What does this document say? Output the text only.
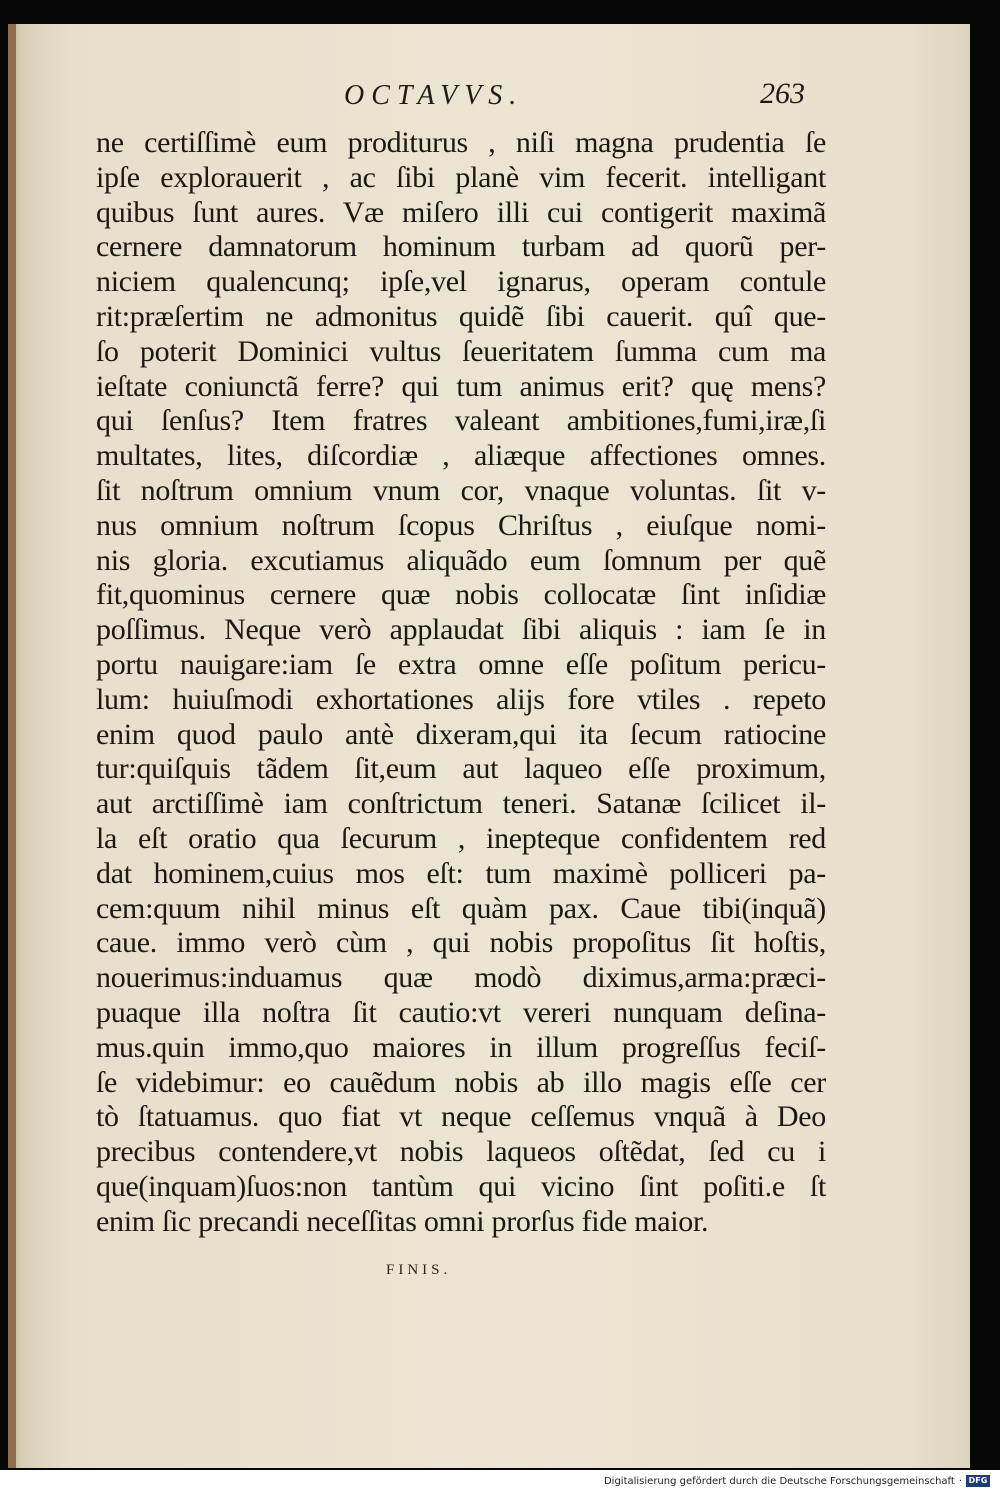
OCTAVVS.	263
ne certiſſimè eum proditurus , niſi magna prudentia ſe
ipſe explorauerit , ac ſibi planè vim fecerit. intelligant
quibus ſunt aures. Væ miſero illi cui contigerit maximã
cernere damnatorum hominum turbam ad quorũ per-
niciem qualencunq; ipſe,vel ignarus, operam contule
rit:præſertim ne admonitus quidẽ ſibi cauerit. quî que-
ſo poterit Dominici vultus ſeueritatem ſumma cum ma
ieſtate coniunctã ferre? qui tum animus erit? quę mens?
qui ſenſus? Item fratres valeant ambitiones,fumi,iræ,ſi
multates, lites, diſcordiæ , aliæque affectiones omnes.
ſit noſtrum omnium vnum cor, vnaque voluntas. ſit v-
nus omnium noſtrum ſcopus Chriſtus , eiuſque nomi-
nis gloria. excutiamus aliquãdo eum ſomnum per quẽ
fit,quominus cernere quæ nobis collocatæ ſint inſidiæ
poſſimus. Neque verò applaudat ſibi aliquis : iam ſe in
portu nauigare:iam ſe extra omne eſſe poſitum pericu-
lum: huiuſmodi exhortationes alijs fore vtiles . repeto
enim quod paulo antè dixeram,qui ita ſecum ratiocine
tur:quiſquis tãdem ſit,eum aut laqueo eſſe proximum,
aut arctiſſimè iam conſtrictum teneri. Satanæ ſcilicet il-
la eſt oratio qua ſecurum , inepteque confidentem red
dat hominem,cuius mos eſt: tum maximè polliceri pa-
cem:quum nihil minus eſt quàm pax. Caue tibi(inquã)
caue. immo verò cùm , qui nobis propoſitus ſit hoſtis,
nouerimus:induamus quæ modò diximus,arma:præci-
puaque illa noſtra ſit cautio:vt vereri nunquam deſina-
mus.quin immo,quo maiores in illum progreſſus feciſ-
ſe videbimur: eo cauẽdum nobis ab illo magis eſſe cer
tò ſtatuamus. quo fiat vt neque ceſſemus vnquã à Deo
precibus contendere,vt nobis laqueos oſtẽdat, ſed cu i
que(inquam)ſuos:non tantùm qui vicino ſint poſiti.e ſt
enim ſic precandi neceſſitas omni prorſus fide maior.
FINIS.
Digitalisierung gefördert durch die Deutsche Forschungsgemeinschaft · DFG
